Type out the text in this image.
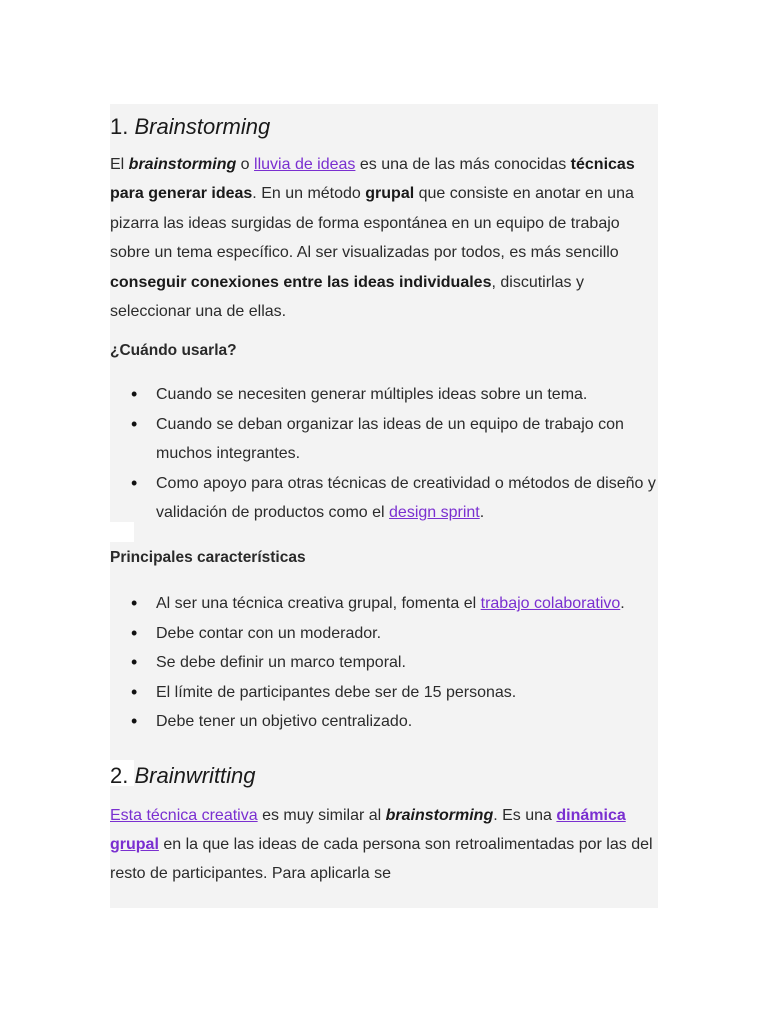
1. Brainstorming

El brainstorming o lluvia de ideas es una de las más conocidas técnicas para generar ideas. En un método grupal que consiste en anotar en una pizarra las ideas surgidas de forma espontánea en un equipo de trabajo sobre un tema específico. Al ser visualizadas por todos, es más sencillo conseguir conexiones entre las ideas individuales, discutirlas y seleccionar una de ellas.

¿Cuándo usarla?
• Cuando se necesiten generar múltiples ideas sobre un tema.
• Cuando se deban organizar las ideas de un equipo de trabajo con muchos integrantes.
• Como apoyo para otras técnicas de creatividad o métodos de diseño y validación de productos como el design sprint.
Principales características
• Al ser una técnica creativa grupal, fomenta el trabajo colaborativo.
• Debe contar con un moderador.
• Se debe definir un marco temporal.
• El límite de participantes debe ser de 15 personas.
• Debe tener un objetivo centralizado.
2. Brainwritting

Esta técnica creativa es muy similar al brainstorming. Es una dinámica grupal en la que las ideas de cada persona son retroalimentadas por las del resto de participantes. Para aplicarla se
